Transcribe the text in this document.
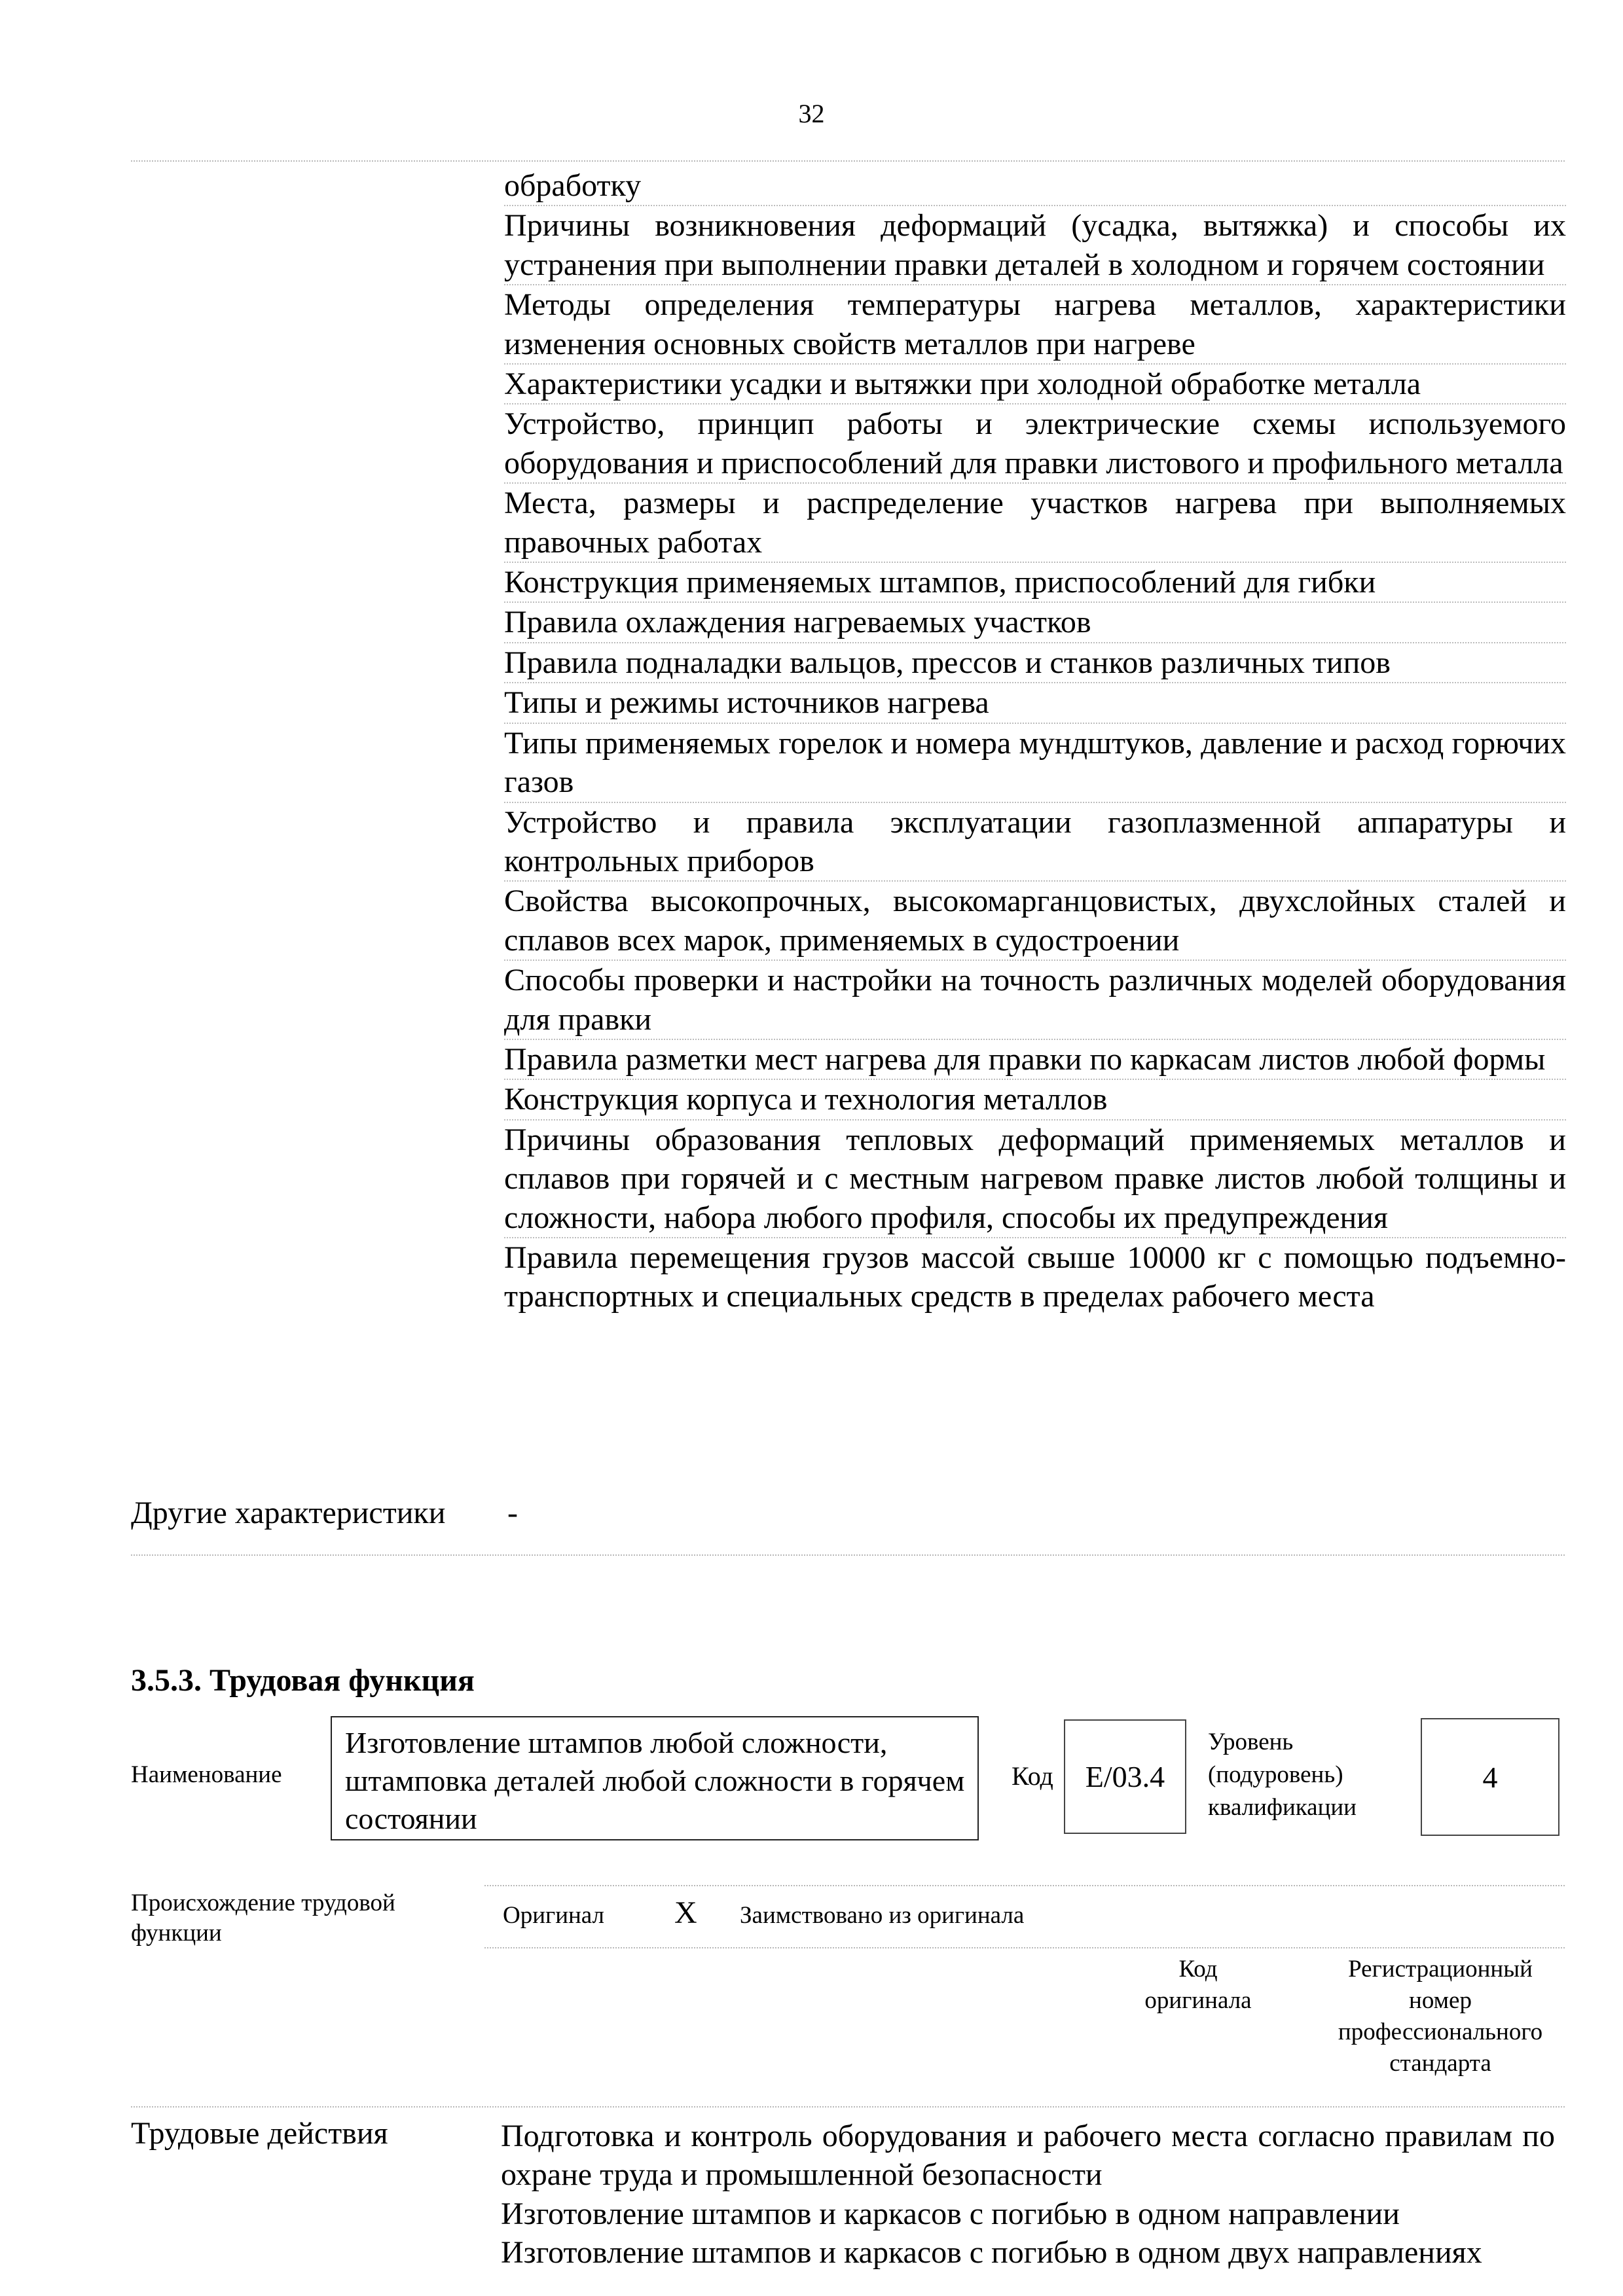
32
обработку
Причины возникновения деформаций (усадка, вытяжка) и способы их устранения при выполнении правки деталей в холодном и горячем состоянии
Методы определения температуры нагрева металлов, характеристики изменения основных свойств металлов при нагреве
Характеристики усадки и вытяжки при холодной обработке металла
Устройство, принцип работы и электрические схемы используемого оборудования и приспособлений для правки листового и профильного металла
Места, размеры и распределение участков нагрева при выполняемых правочных работах
Конструкция применяемых штампов, приспособлений для гибки
Правила охлаждения нагреваемых участков
Правила подналадки вальцов, прессов и станков различных типов
Типы и режимы источников нагрева
Типы применяемых горелок и номера мундштуков, давление и расход горючих газов
Устройство и правила эксплуатации газоплазменной аппаратуры и контрольных приборов
Свойства высокопрочных, высокомарганцовистых, двухслойных сталей и сплавов всех марок, применяемых в судостроении
Способы проверки и настройки на точность различных моделей оборудования для правки
Правила разметки мест нагрева для правки по каркасам листов любой формы
Конструкция корпуса и технология металлов
Причины образования тепловых деформаций применяемых металлов и сплавов при горячей и с местным нагревом правке листов любой толщины и сложности, набора любого профиля, способы их предупреждения
Правила перемещения грузов массой свыше 10000 кг с помощью подъемно-транспортных и специальных средств в пределах рабочего места
Другие характеристики -
3.5.3. Трудовая функция
Наименование
Изготовление штампов любой сложности, штамповка деталей любой сложности в горячем состоянии
Код	E/03.4
Уровень
(подуровень)
квалификации
4
Происхождение трудовой
функции
Оригинал X Заимствовано из оригинала
Код
оригинала
Регистрационный
номер
профессионального
стандарта
Трудовые действия	Подготовка и контроль оборудования и рабочего места согласно правилам по охране труда и промышленной безопасности
Изготовление штампов и каркасов с погибью в одном направлении
Изготовление штампов и каркасов с погибью в одном двух направлениях
